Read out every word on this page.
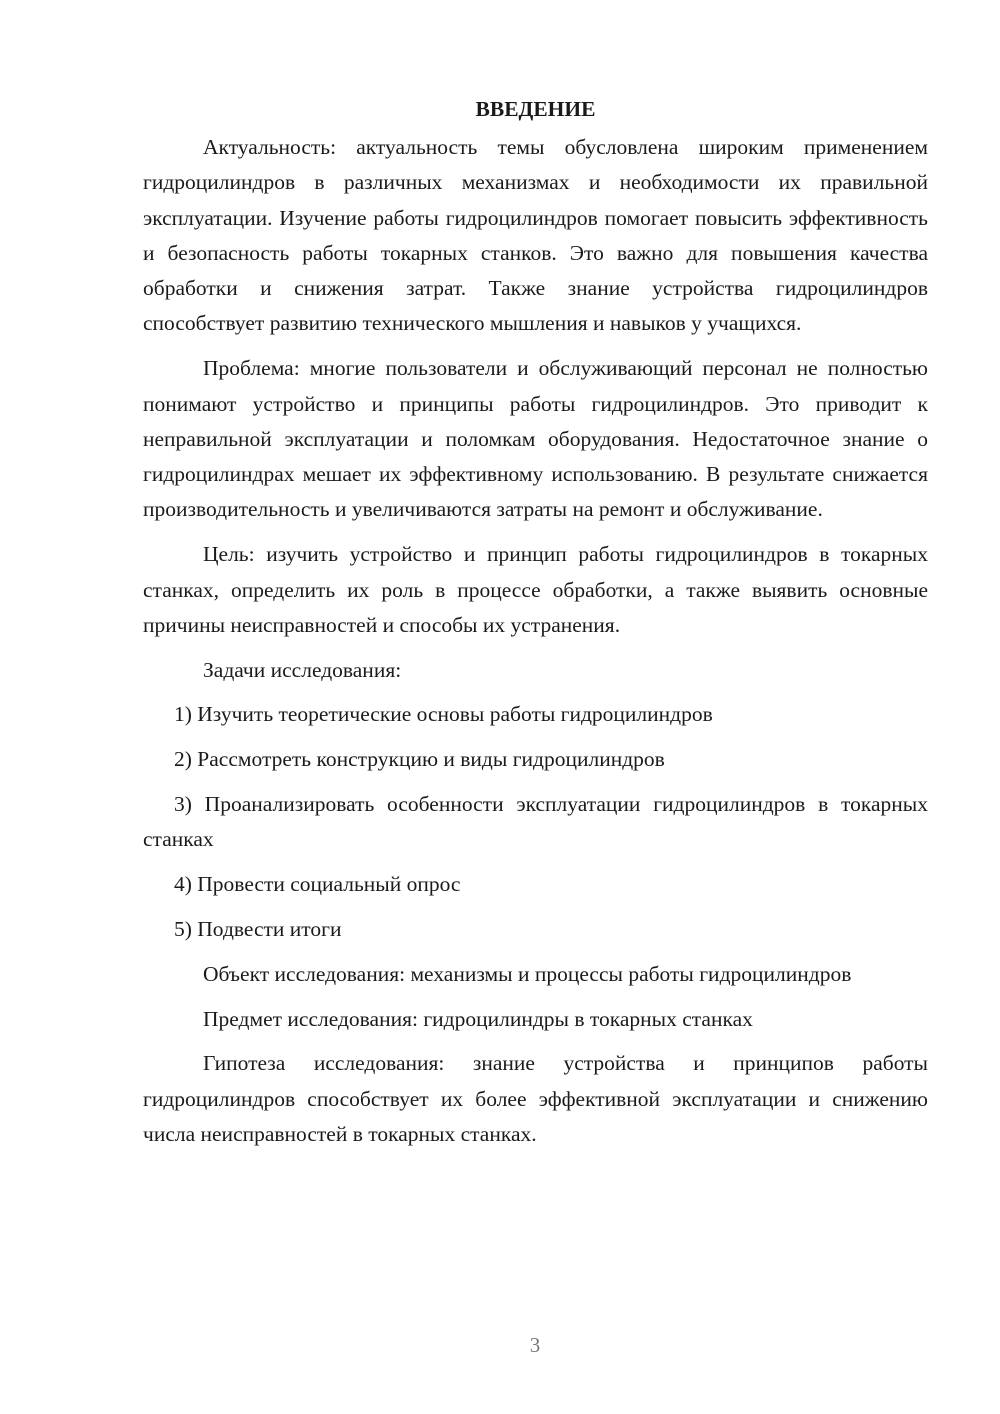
ВВЕДЕНИЕ

Актуальность: актуальность темы обусловлена широким применением гидроцилиндров в различных механизмах и необходимости их правильной эксплуатации. Изучение работы гидроцилиндров помогает повысить эффективность и безопасность работы токарных станков. Это важно для повышения качества обработки и снижения затрат. Также знание устройства гидроцилиндров способствует развитию технического мышления и навыков у учащихся.

Проблема: многие пользователи и обслуживающий персонал не полностью понимают устройство и принципы работы гидроцилиндров. Это приводит к неправильной эксплуатации и поломкам оборудования. Недостаточное знание о гидроцилиндрах мешает их эффективному использованию. В результате снижается производительность и увеличиваются затраты на ремонт и обслуживание.

Цель: изучить устройство и принцип работы гидроцилиндров в токарных станках, определить их роль в процессе обработки, а также выявить основные причины неисправностей и способы их устранения.

Задачи исследования:

1) Изучить теоретические основы работы гидроцилиндров

2) Рассмотреть конструкцию и виды гидроцилиндров

3) Проанализировать особенности эксплуатации гидроцилиндров в токарных станках

4) Провести социальный опрос

5) Подвести итоги

Объект исследования: механизмы и процессы работы гидроцилиндров

Предмет исследования: гидроцилиндры в токарных станках

Гипотеза исследования: знание устройства и принципов работы гидроцилиндров способствует их более эффективной эксплуатации и снижению числа неисправностей в токарных станках.

3
